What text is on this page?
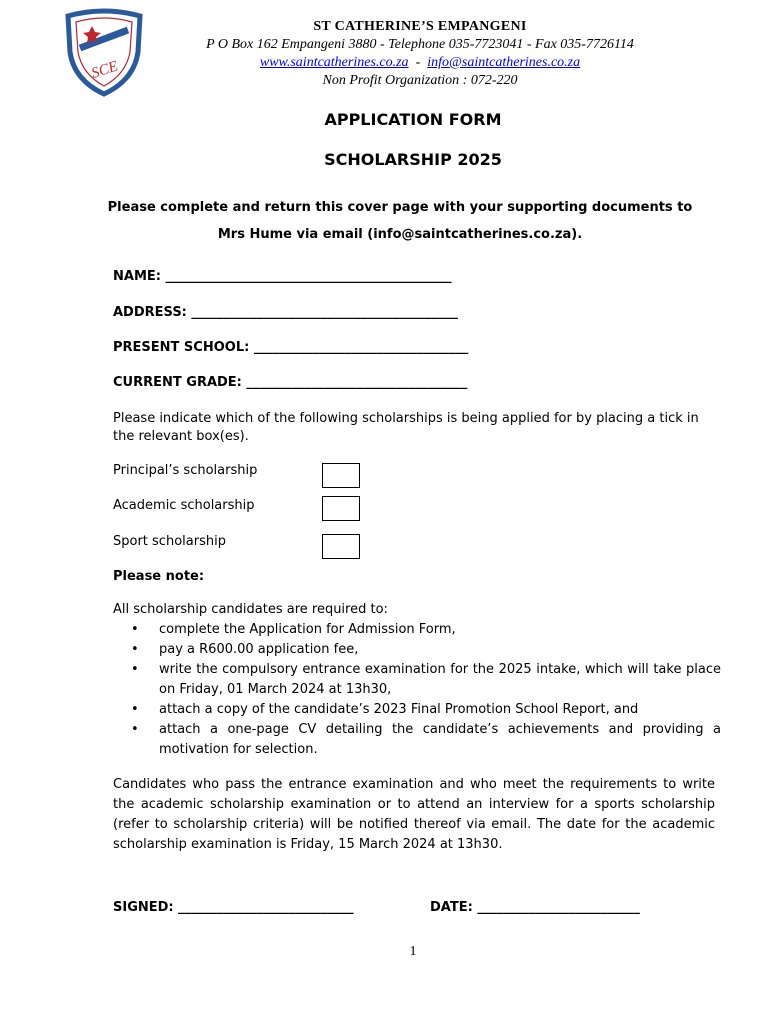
SCE
ST CATHERINE’S EMPANGENI
P O Box 162 Empangeni 3880 - Telephone 035-7723041 - Fax 035-7726114
www.saintcatherines.co.za - info@saintcatherines.co.za
Non Profit Organization : 072-220
APPLICATION FORM
SCHOLARSHIP 2025
Please complete and return this cover page with your supporting documents to
Mrs Hume via email (info@saintcatherines.co.za).
NAME: ____________________________________________
ADDRESS: _________________________________________
PRESENT SCHOOL: _________________________________
CURRENT GRADE: __________________________________
Please indicate which of the following scholarships is being applied for by placing a tick in the relevant box(es).
Principal’s scholarship
Academic scholarship
Sport scholarship
Please note:
All scholarship candidates are required to:
• complete the Application for Admission Form,
• pay a R600.00 application fee,
• write the compulsory entrance examination for the 2025 intake, which will take place on Friday, 01 March 2024 at 13h30,
• attach a copy of the candidate’s 2023 Final Promotion School Report, and
• attach a one-page CV detailing the candidate’s achievements and providing a motivation for selection.
Candidates who pass the entrance examination and who meet the requirements to write the academic scholarship examination or to attend an interview for a sports scholarship (refer to scholarship criteria) will be notified thereof via email. The date for the academic scholarship examination is Friday, 15 March 2024 at 13h30.
SIGNED: ___________________________	DATE: _________________________
1
